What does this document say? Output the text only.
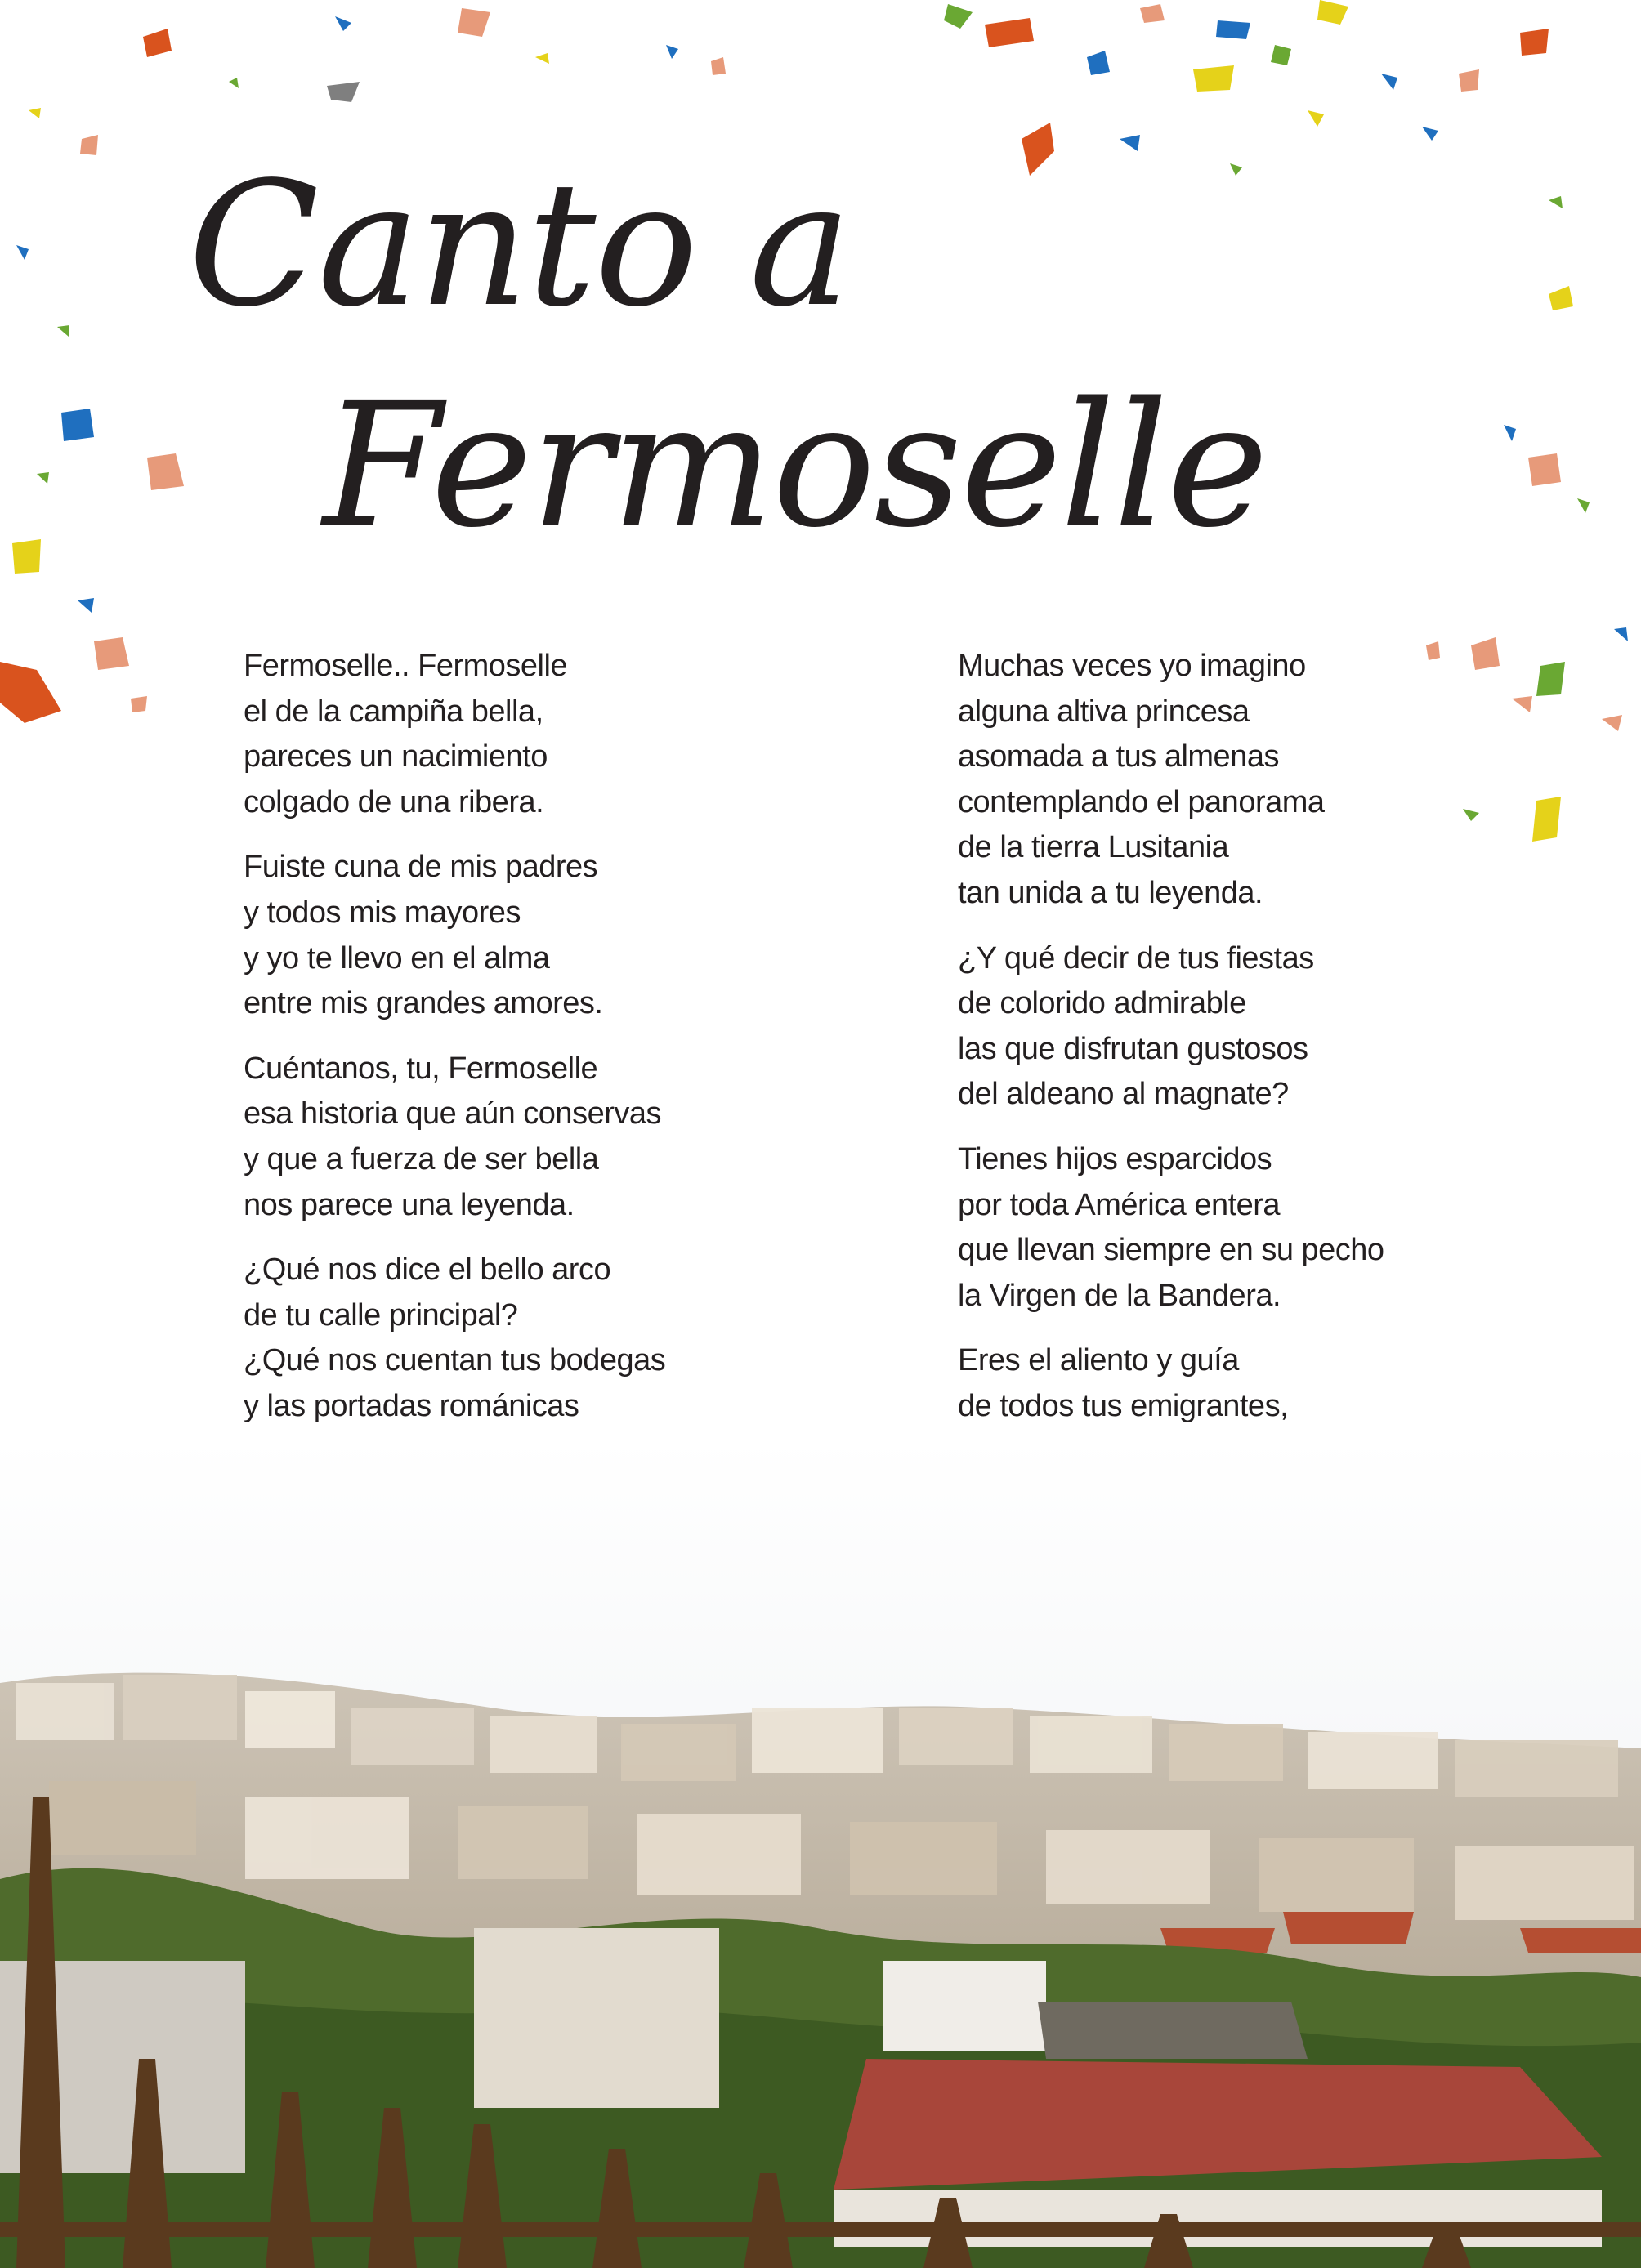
Canto a
Fermoselle
Fermoselle.. Fermoselle
el de la campiña bella,
pareces un nacimiento
colgado de una ribera.
Fuiste cuna de mis padres
y todos mis mayores
y yo te llevo en el alma
entre mis grandes amores.
Cuéntanos, tu, Fermoselle
esa historia que aún conservas
y que a fuerza de ser bella
nos parece una leyenda.
¿Qué nos dice el bello arco
de tu calle principal?
¿Qué nos cuentan tus bodegas
y las portadas románicas
Muchas veces yo imagino
alguna altiva princesa
asomada a tus almenas
contemplando el panorama
de la tierra Lusitania
tan unida a tu leyenda.
¿Y qué decir de tus fiestas
de colorido admirable
las que disfrutan gustosos
del aldeano al magnate?
Tienes hijos esparcidos
por toda América entera
que llevan siempre en su pecho
la Virgen de la Bandera.
Eres el aliento y guía
de todos tus emigrantes,
